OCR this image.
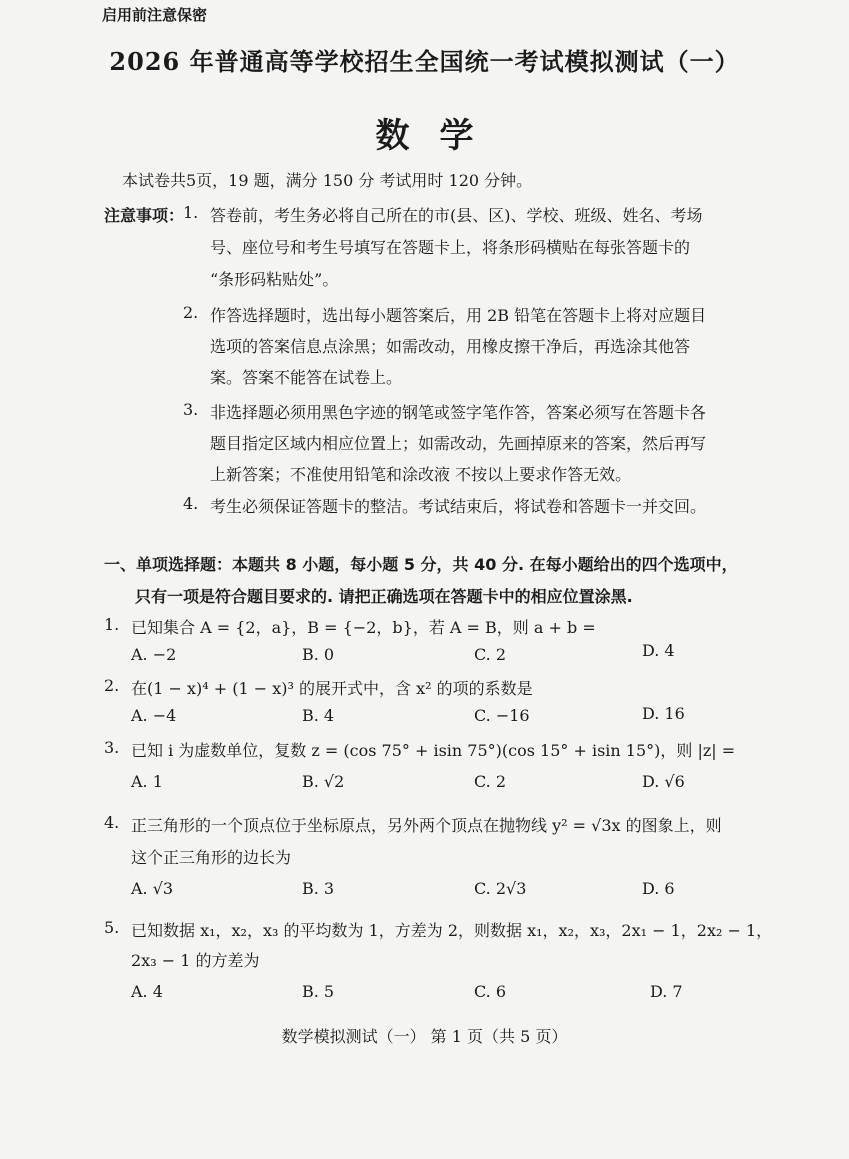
启用前注意保密
2026 年普通高等学校招生全国统一考试模拟测试（一）
数学
本试卷共5页，19 题，满分 150 分 考试用时 120 分钟。
注意事项：
1. 答卷前，考生务必将自己所在的市(县、区)、学校、班级、姓名、考场
号、座位号和考生号填写在答题卡上，将条形码横贴在每张答题卡的
“条形码粘贴处”。
2. 作答选择题时，选出每小题答案后，用 2B 铅笔在答题卡上将对应题目
选项的答案信息点涂黑；如需改动，用橡皮擦干净后，再选涂其他答
案。答案不能答在试卷上。
3. 非选择题必须用黑色字迹的钢笔或签字笔作答，答案必须写在答题卡各
题目指定区域内相应位置上；如需改动，先画掉原来的答案，然后再写
上新答案；不准使用铅笔和涂改液 不按以上要求作答无效。
4. 考生必须保证答题卡的整洁。考试结束后，将试卷和答题卡一并交回。
一、单项选择题：本题共 8 小题，每小题 5 分，共 40 分. 在每小题给出的四个选项中，
只有一项是符合题目要求的. 请把正确选项在答题卡中的相应位置涂黑.
1. 已知集合 A = {2，a}，B = {−2，b}，若 A = B，则 a + b =
A. −2	B. 0	C. 2	D. 4
2. 在(1 − x)⁴ + (1 − x)³ 的展开式中，含 x² 的项的系数是
A. −4	B. 4	C. −16	D. 16
3. 已知 i 为虚数单位，复数 z = (cos 75° + isin 75°)(cos 15° + isin 15°)，则 |z| =
A. 1	B. √2	C. 2	D. √6
4. 正三角形的一个顶点位于坐标原点，另外两个顶点在抛物线 y² = √3x 的图象上，则
这个正三角形的边长为
A. √3	B. 3	C. 2√3	D. 6
5. 已知数据 x₁，x₂，x₃ 的平均数为 1，方差为 2，则数据 x₁，x₂，x₃，2x₁ − 1，2x₂ − 1，
2x₃ − 1 的方差为
A. 4	B. 5	C. 6	D. 7
数学模拟测试（一） 第 1 页（共 5 页）
